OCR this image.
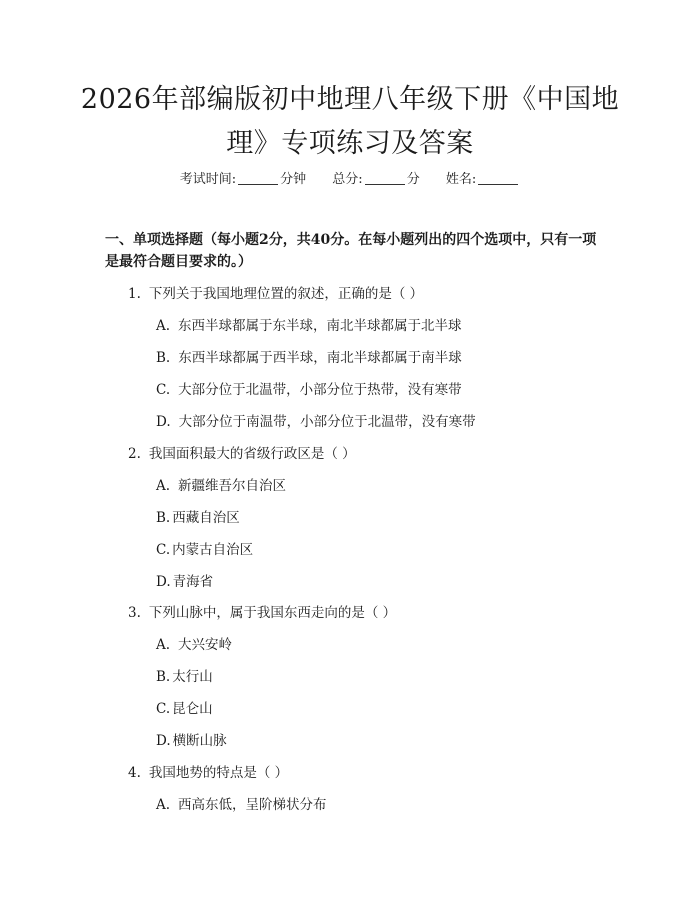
2026年部编版初中地理八年级下册《中国地理》专项练习及答案
考试时间:	分钟 总分:	分 姓名:
一、单项选择题（每小题2分，共40分。在每小题列出的四个选项中，只有一项是最符合题目要求的。）
1. 下列关于我国地理位置的叙述，正确的是（ ）
A. 东西半球都属于东半球，南北半球都属于北半球
B. 东西半球都属于西半球，南北半球都属于南半球
C. 大部分位于北温带，小部分位于热带，没有寒带
D. 大部分位于南温带，小部分位于北温带，没有寒带
2. 我国面积最大的省级行政区是（ ）
A. 新疆维吾尔自治区
B. 西藏自治区
C. 内蒙古自治区
D. 青海省
3. 下列山脉中，属于我国东西走向的是（ ）
A. 大兴安岭
B. 太行山
C. 昆仑山
D. 横断山脉
4. 我国地势的特点是（ ）
A. 西高东低，呈阶梯状分布
